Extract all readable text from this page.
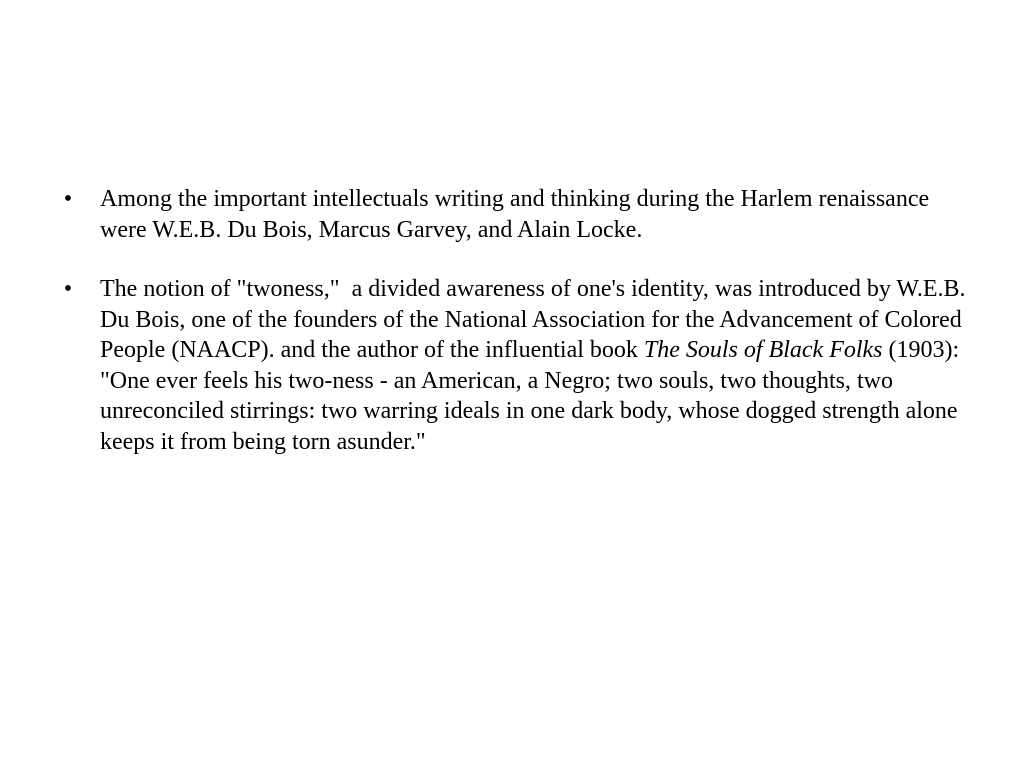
• Among the important intellectuals writing and thinking during the Harlem renaissance were W.E.B. Du Bois, Marcus Garvey, and Alain Locke.
• The notion of "twoness,"  a divided awareness of one's identity, was introduced by W.E.B. Du Bois, one of the founders of the National Association for the Advancement of Colored People (NAACP). and the author of the influential book The Souls of Black Folks (1903): "One ever feels his two-ness - an American, a Negro; two souls, two thoughts, two unreconciled stirrings: two warring ideals in one dark body, whose dogged strength alone keeps it from being torn asunder."
